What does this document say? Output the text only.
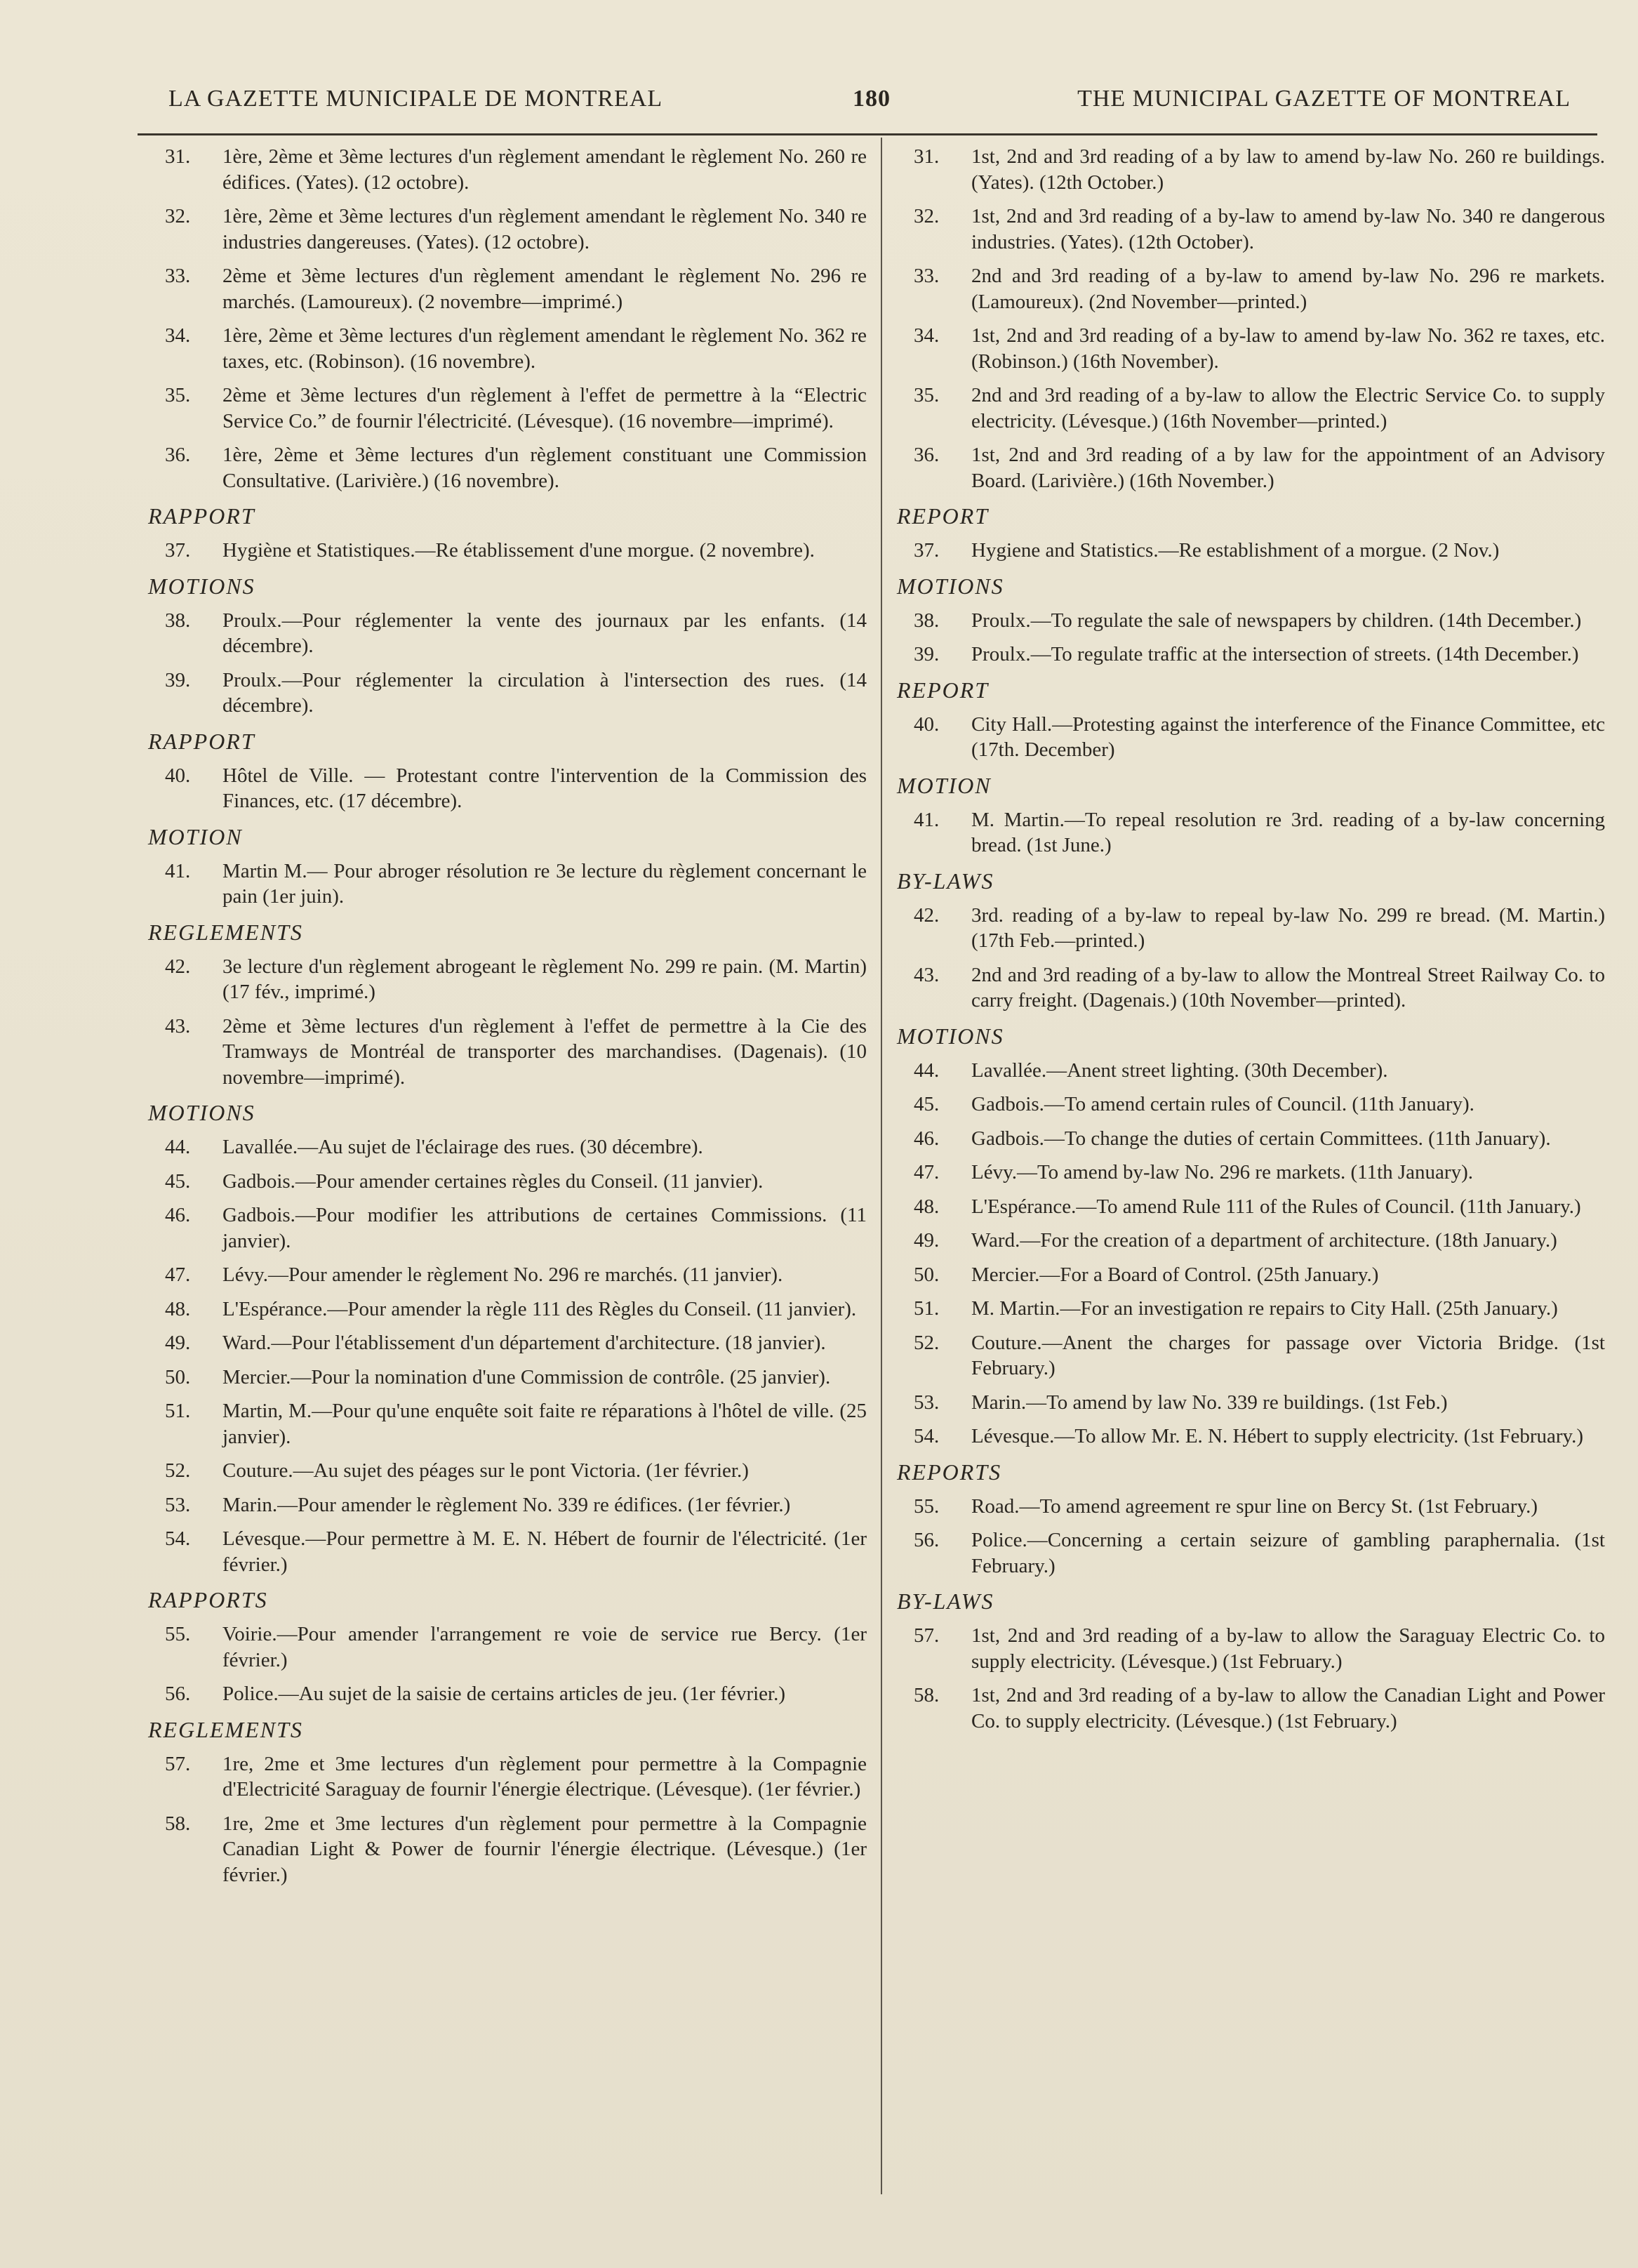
LA GAZETTE MUNICIPALE DE MONTREAL	180	THE MUNICIPAL GAZETTE OF MONTREAL
31. 1ère, 2ème et 3ème lectures d'un règlement amendant le règlement No. 260 re édifices. (Yates). (12 octobre).
32. 1ère, 2ème et 3ème lectures d'un règlement amendant le règlement No. 340 re industries dangereuses. (Yates). (12 octobre).
33. 2ème et 3ème lectures d'un règlement amendant le règlement No. 296 re marchés. (Lamoureux). (2 novembre—imprimé.)
34. 1ère, 2ème et 3ème lectures d'un règlement amendant le règlement No. 362 re taxes, etc. (Robinson). (16 novembre).
35. 2ème et 3ème lectures d'un règlement à l'effet de permettre à la “Electric Service Co.” de fournir l'électricité. (Lévesque). (16 novembre—imprimé).
36. 1ère, 2ème et 3ème lectures d'un règlement constituant une Commission Consultative. (Larivière.) (16 novembre).
RAPPORT
37. Hygiène et Statistiques.—Re établissement d'une morgue. (2 novembre).
MOTIONS
38. Proulx.—Pour réglementer la vente des journaux par les enfants. (14 décembre).
39. Proulx.—Pour réglementer la circulation à l'intersection des rues. (14 décembre).
RAPPORT
40. Hôtel de Ville. — Protestant contre l'intervention de la Commission des Finances, etc. (17 décembre).
MOTION
41. Martin M.— Pour abroger résolution re 3e lecture du règlement concernant le pain (1er juin).
REGLEMENTS
42. 3e lecture d'un règlement abrogeant le règlement No. 299 re pain. (M. Martin) (17 fév., imprimé.)
43. 2ème et 3ème lectures d'un règlement à l'effet de permettre à la Cie des Tramways de Montréal de transporter des marchandises. (Dagenais). (10 novembre—imprimé).
MOTIONS
44. Lavallée.—Au sujet de l'éclairage des rues. (30 décembre).
45. Gadbois.—Pour amender certaines règles du Conseil. (11 janvier).
46. Gadbois.—Pour modifier les attributions de certaines Commissions. (11 janvier).
47. Lévy.—Pour amender le règlement No. 296 re marchés. (11 janvier).
48. L'Espérance.—Pour amender la règle 111 des Règles du Conseil. (11 janvier).
49. Ward.—Pour l'établissement d'un département d'architecture. (18 janvier).
50. Mercier.—Pour la nomination d'une Commission de contrôle. (25 janvier).
51. Martin, M.—Pour qu'une enquête soit faite re réparations à l'hôtel de ville. (25 janvier).
52. Couture.—Au sujet des péages sur le pont Victoria. (1er février.)
53. Marin.—Pour amender le règlement No. 339 re édifices. (1er février.)
54. Lévesque.—Pour permettre à M. E. N. Hébert de fournir de l'électricité. (1er février.)
RAPPORTS
55. Voirie.—Pour amender l'arrangement re voie de service rue Bercy. (1er février.)
56. Police.—Au sujet de la saisie de certains articles de jeu. (1er février.)
REGLEMENTS
57. 1re, 2me et 3me lectures d'un règlement pour permettre à la Compagnie d'Electricité Saraguay de fournir l'énergie électrique. (Lévesque). (1er février.)
58. 1re, 2me et 3me lectures d'un règlement pour permettre à la Compagnie Canadian Light & Power de fournir l'énergie électrique. (Lévesque.) (1er février.)
31. 1st, 2nd and 3rd reading of a by law to amend by-law No. 260 re buildings. (Yates). (12th October.)
32. 1st, 2nd and 3rd reading of a by-law to amend by-law No. 340 re dangerous industries. (Yates). (12th October).
33. 2nd and 3rd reading of a by-law to amend by-law No. 296 re markets. (Lamoureux). (2nd November—printed.)
34. 1st, 2nd and 3rd reading of a by-law to amend by-law No. 362 re taxes, etc. (Robinson.) (16th November).
35. 2nd and 3rd reading of a by-law to allow the Electric Service Co. to supply electricity. (Lévesque.) (16th November—printed.)
36. 1st, 2nd and 3rd reading of a by law for the appointment of an Advisory Board. (Larivière.) (16th November.)
REPORT
37. Hygiene and Statistics.—Re establishment of a morgue. (2 Nov.)
MOTIONS
38. Proulx.—To regulate the sale of newspapers by children. (14th December.)
39. Proulx.—To regulate traffic at the intersection of streets. (14th December.)
REPORT
40. City Hall.—Protesting against the interference of the Finance Committee, etc (17th. December)
MOTION
41. M. Martin.—To repeal resolution re 3rd. reading of a by-law concerning bread. (1st June.)
BY-LAWS
42. 3rd. reading of a by-law to repeal by-law No. 299 re bread. (M. Martin.) (17th Feb.—printed.)
43. 2nd and 3rd reading of a by-law to allow the Montreal Street Railway Co. to carry freight. (Dagenais.) (10th November—printed).
MOTIONS
44. Lavallée.—Anent street lighting. (30th December).
45. Gadbois.—To amend certain rules of Council. (11th January).
46. Gadbois.—To change the duties of certain Committees. (11th January).
47. Lévy.—To amend by-law No. 296 re markets. (11th January).
48. L'Espérance.—To amend Rule 111 of the Rules of Council. (11th January.)
49. Ward.—For the creation of a department of architecture. (18th January.)
50. Mercier.—For a Board of Control. (25th January.)
51. M. Martin.—For an investigation re repairs to City Hall. (25th January.)
52. Couture.—Anent the charges for passage over Victoria Bridge. (1st February.)
53. Marin.—To amend by law No. 339 re buildings. (1st Feb.)
54. Lévesque.—To allow Mr. E. N. Hébert to supply electricity. (1st February.)
REPORTS
55. Road.—To amend agreement re spur line on Bercy St. (1st February.)
56. Police.—Concerning a certain seizure of gambling paraphernalia. (1st February.)
BY-LAWS
57. 1st, 2nd and 3rd reading of a by-law to allow the Saraguay Electric Co. to supply electricity. (Lévesque.) (1st February.)
58. 1st, 2nd and 3rd reading of a by-law to allow the Canadian Light and Power Co. to supply electricity. (Lévesque.) (1st February.)
